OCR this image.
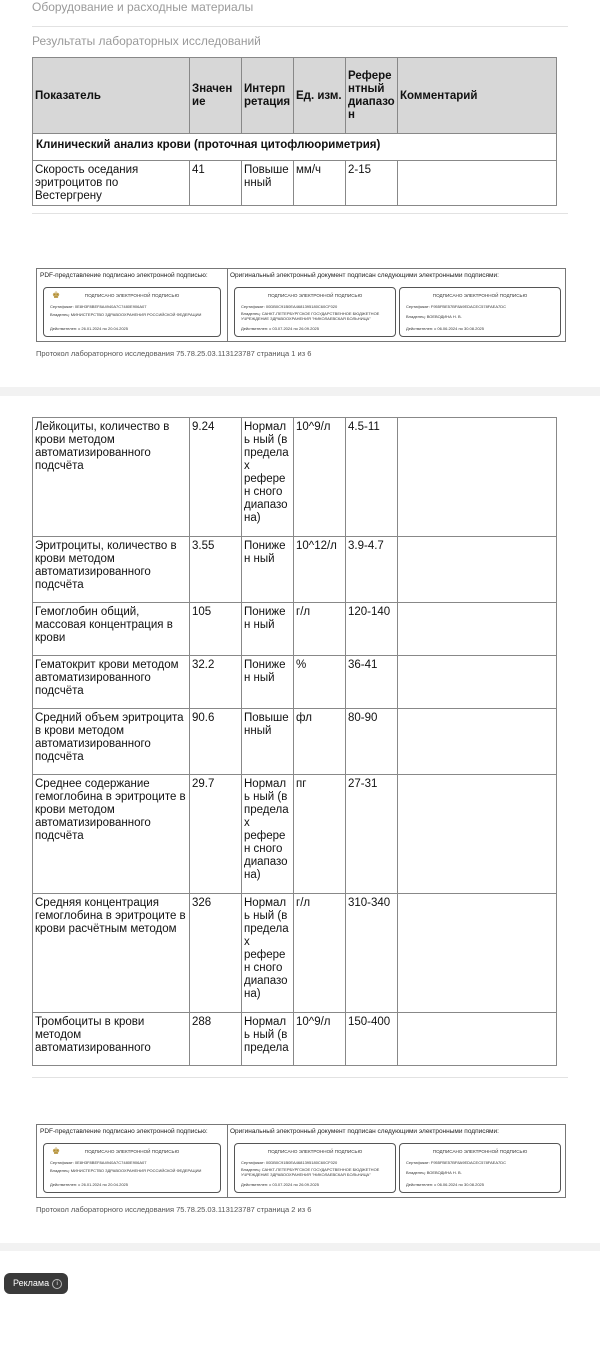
Оборудование и расходные материалы
Результаты лабораторных исследований
Показатель	Значение	Интерпретация	Ед. изм.	Референтный диапазон	Комментарий
Клинический анализ крови (проточная цитофлюориметрия)					
Скорость оседания эритроцитов по Вестергрену	41	Повышенный	мм/ч	2-15	
PDF-представление подписано электронной подписью:
♚	ПОДПИСАНО ЭЛЕКТРОННОЙ ПОДПИСЬЮ
Сертификат: 0E8H3F8BEF8A4940A7C7480E906A07
Владелец: МИНИСТЕРСТВО ЗДРАВООХРАНЕНИЯ РОССИЙСКОЙ ФЕДЕРАЦИИ
Действителен: с 26.01.2024 по 20.04.2025
Оригинальный электронный документ подписан следующими электронными подписями:
ПОДПИСАНО ЭЛЕКТРОННОЙ ПОДПИСЬЮ
Сертификат: 00DB0C91B0EA4681395180C60CF020
Владелец: САНКТ-ПЕТЕРБУРГСКОЕ ГОСУДАРСТВЕННОЕ БЮДЖЕТНОЕ УЧРЕЖДЕНИЕ ЗДРАВООХРАНЕНИЯ "НИКОЛАЕВСКАЯ БОЛЬНИЦА"
Действителен: с 03.07.2024 по 26.09.2025
ПОДПИСАНО ЭЛЕКТРОННОЙ ПОДПИСЬЮ
Сертификат: F955FBE57BF8A9EDACEC578FAEA7DC
Владелец: ВОЕВОДИНА Н. В.
Действителен: с 06.06.2024 по 30.08.2025
Протокол лабораторного исследования 75.78.25.03.113123787 страница 1 из 6
Лейкоциты, количество в крови методом автоматизированного подсчёта	9.24	Нормаль ный (в предела х референ сного диапазо на)	10^9/л	4.5-11	
Эритроциты, количество в крови методом автоматизированного подсчёта	3.55	Понижен ный	10^12/л	3.9-4.7	
Гемоглобин общий, массовая концентрация в крови	105	Понижен ный	г/л	120-140	
Гематокрит крови методом автоматизированного подсчёта	32.2	Понижен ный	%	36-41	
Средний объем эритроцита в крови методом автоматизированного подсчёта	90.6	Повыше нный	фл	80-90	
Среднее содержание гемоглобина в эритроците в крови методом автоматизированного подсчёта	29.7	Нормаль ный (в предела х референ сного диапазо на)	пг	27-31	
Средняя концентрация гемоглобина в эритроците в крови расчётным методом	326	Нормаль ный (в предела х референ сного диапазо на)	г/л	310-340	
Тромбоциты в крови методом автоматизированного	288	Нормаль ный (в предела	10^9/л	150-400	
PDF-представление подписано электронной подписью:
♚	ПОДПИСАНО ЭЛЕКТРОННОЙ ПОДПИСЬЮ
Сертификат: 0E8H3F8BEF8A4940A7C7480E906A07
Владелец: МИНИСТЕРСТВО ЗДРАВООХРАНЕНИЯ РОССИЙСКОЙ ФЕДЕРАЦИИ
Действителен: с 26.01.2024 по 20.04.2025
Оригинальный электронный документ подписан следующими электронными подписями:
ПОДПИСАНО ЭЛЕКТРОННОЙ ПОДПИСЬЮ
Сертификат: 00DB0C91B0EA4681395180C60CF020
Владелец: САНКТ-ПЕТЕРБУРГСКОЕ ГОСУДАРСТВЕННОЕ БЮДЖЕТНОЕ УЧРЕЖДЕНИЕ ЗДРАВООХРАНЕНИЯ "НИКОЛАЕВСКАЯ БОЛЬНИЦА"
Действителен: с 03.07.2024 по 26.09.2025
ПОДПИСАНО ЭЛЕКТРОННОЙ ПОДПИСЬЮ
Сертификат: F955FBE57BF8A9EDACEC578FAEA7DC
Владелец: ВОЕВОДИНА Н. В.
Действителен: с 06.06.2024 по 30.08.2025
Протокол лабораторного исследования 75.78.25.03.113123787 страница 2 из 6
Реклама i
